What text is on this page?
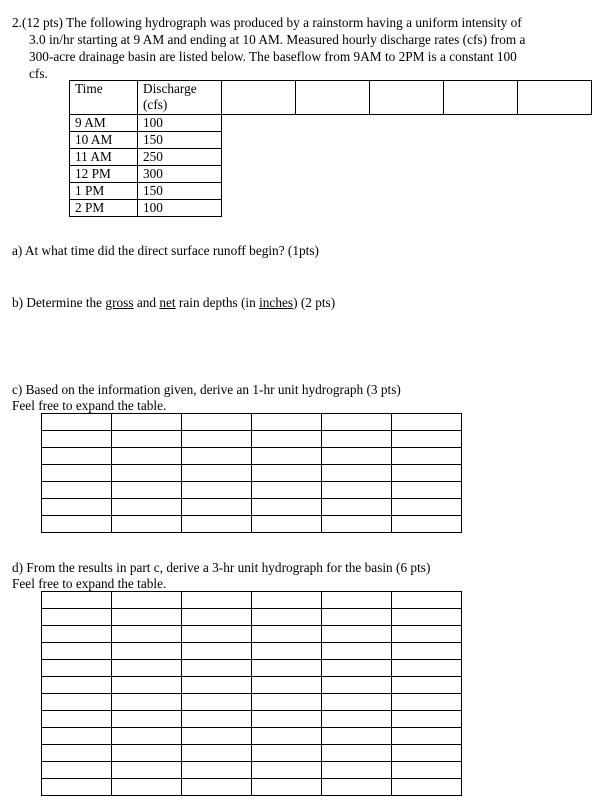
2.(12 pts) The following hydrograph was produced by a rainstorm having a uniform intensity of
3.0 in/hr starting at 9 AM and ending at 10 AM. Measured hourly discharge rates (cfs) from a
300-acre drainage basin are listed below. The baseflow from 9AM to 2PM is a constant 100
cfs.
Time	Discharge
(cfs)					
9 AM	100					
10 AM	150					
11 AM	250					
12 PM	300					
1 PM	150					
2 PM	100					
a) At what time did the direct surface runoff begin? (1pts)
b) Determine the gross and net rain depths (in inches) (2 pts)
c) Based on the information given, derive an 1-hr unit hydrograph (3 pts)
Feel free to expand the table.

d) From the results in part c, derive a 3-hr unit hydrograph for the basin (6 pts)
Feel free to expand the table.
